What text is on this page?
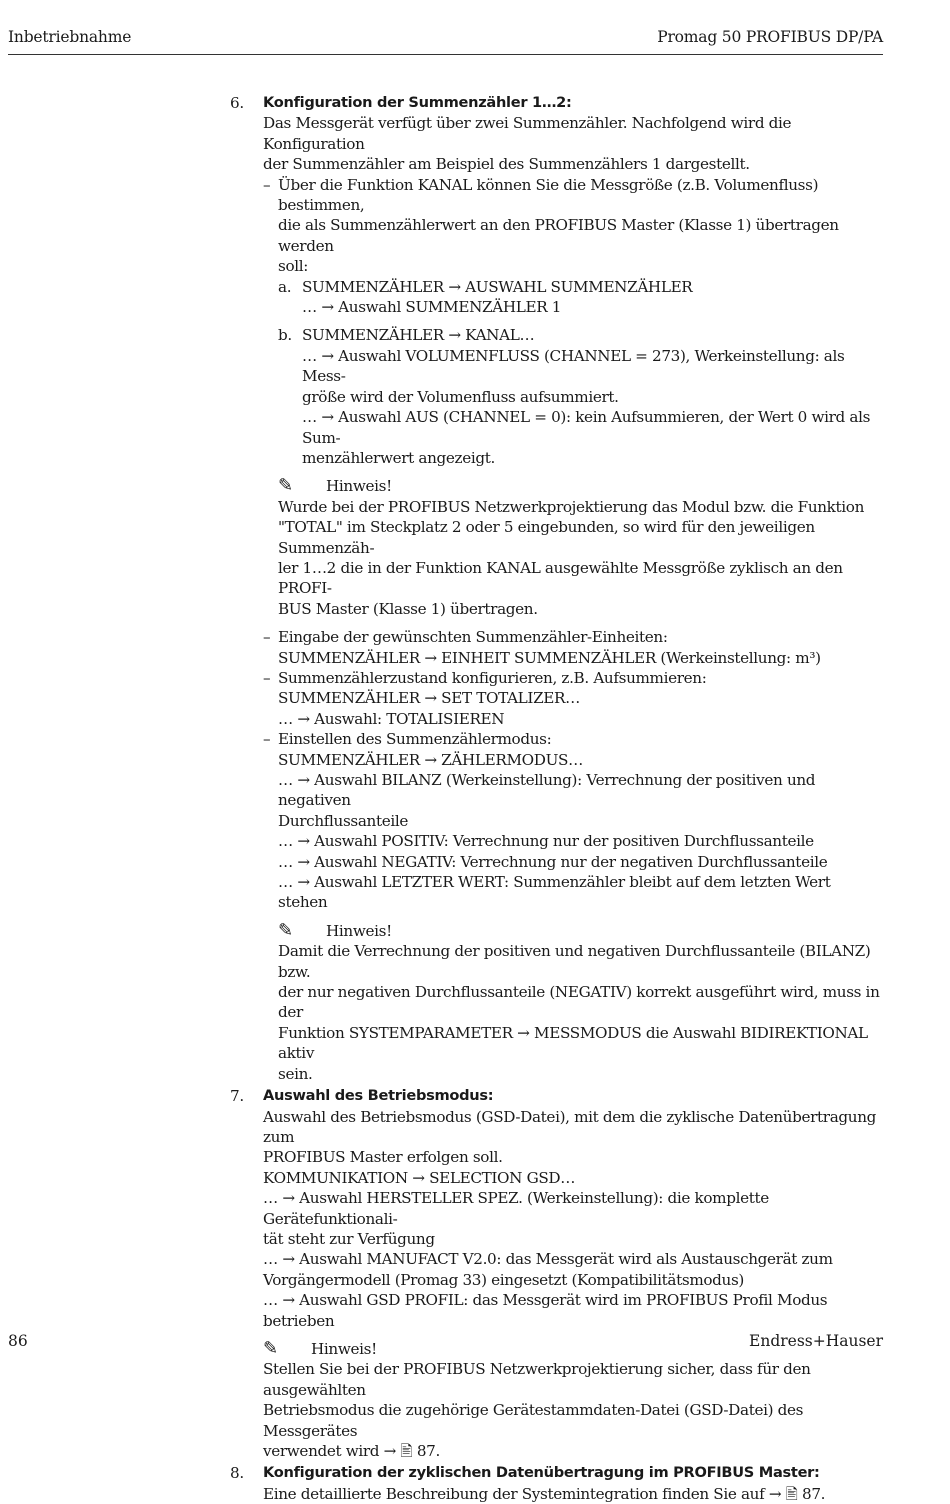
Inbetriebnahme	Promag 50 PROFIBUS DP/PA
6. Konfiguration der Summenzähler 1…2:
Das Messgerät verfügt über zwei Summenzähler. Nachfolgend wird die Konfiguration
der Summenzähler am Beispiel des Summenzählers 1 dargestellt.
– Über die Funktion KANAL können Sie die Messgröße (z.B. Volumenfluss) bestimmen,
die als Summenzählerwert an den PROFIBUS Master (Klasse 1) übertragen werden
soll:
a. SUMMENZÄHLER → AUSWAHL SUMMENZÄHLER
… → Auswahl SUMMENZÄHLER 1
b. SUMMENZÄHLER → KANAL…
… → Auswahl VOLUMENFLUSS (CHANNEL = 273), Werkeinstellung: als Mess-
größe wird der Volumenfluss aufsummiert.
… → Auswahl AUS (CHANNEL = 0): kein Aufsummieren, der Wert 0 wird als Sum-
menzählerwert angezeigt.
✎ Hinweis!
Wurde bei der PROFIBUS Netzwerkprojektierung das Modul bzw. die Funktion
"TOTAL" im Steckplatz 2 oder 5 eingebunden, so wird für den jeweiligen Summenzäh-
ler 1…2 die in der Funktion KANAL ausgewählte Messgröße zyklisch an den PROFI-
BUS Master (Klasse 1) übertragen.
– Eingabe der gewünschten Summenzähler-Einheiten:
SUMMENZÄHLER → EINHEIT SUMMENZÄHLER (Werkeinstellung: m³)
– Summenzählerzustand konfigurieren, z.B. Aufsummieren:
SUMMENZÄHLER → SET TOTALIZER…
… → Auswahl: TOTALISIEREN
– Einstellen des Summenzählermodus:
SUMMENZÄHLER → ZÄHLERMODUS…
… → Auswahl BILANZ (Werkeinstellung): Verrechnung der positiven und negativen
Durchflussanteile
… → Auswahl POSITIV: Verrechnung nur der positiven Durchflussanteile
… → Auswahl NEGATIV: Verrechnung nur der negativen Durchflussanteile
… → Auswahl LETZTER WERT: Summenzähler bleibt auf dem letzten Wert stehen
✎ Hinweis!
Damit die Verrechnung der positiven und negativen Durchflussanteile (BILANZ) bzw.
der nur negativen Durchflussanteile (NEGATIV) korrekt ausgeführt wird, muss in der
Funktion SYSTEMPARAMETER → MESSMODUS die Auswahl BIDIREKTIONAL aktiv
sein.
7. Auswahl des Betriebsmodus:
Auswahl des Betriebsmodus (GSD-Datei), mit dem die zyklische Datenübertragung zum
PROFIBUS Master erfolgen soll.
KOMMUNIKATION → SELECTION GSD…
… → Auswahl HERSTELLER SPEZ. (Werkeinstellung): die komplette Gerätefunktionali-
tät steht zur Verfügung
… → Auswahl MANUFACT V2.0: das Messgerät wird als Austauschgerät zum
Vorgängermodell (Promag 33) eingesetzt (Kompatibilitätsmodus)
… → Auswahl GSD PROFIL: das Messgerät wird im PROFIBUS Profil Modus betrieben
✎ Hinweis!
Stellen Sie bei der PROFIBUS Netzwerkprojektierung sicher, dass für den ausgewählten
Betriebsmodus die zugehörige Gerätestammdaten-Datei (GSD-Datei) des Messgerätes
verwendet wird → 🖹 87.
8. Konfiguration der zyklischen Datenübertragung im PROFIBUS Master:
Eine detaillierte Beschreibung der Systemintegration finden Sie auf → 🖹 87.
86	Endress+Hauser
